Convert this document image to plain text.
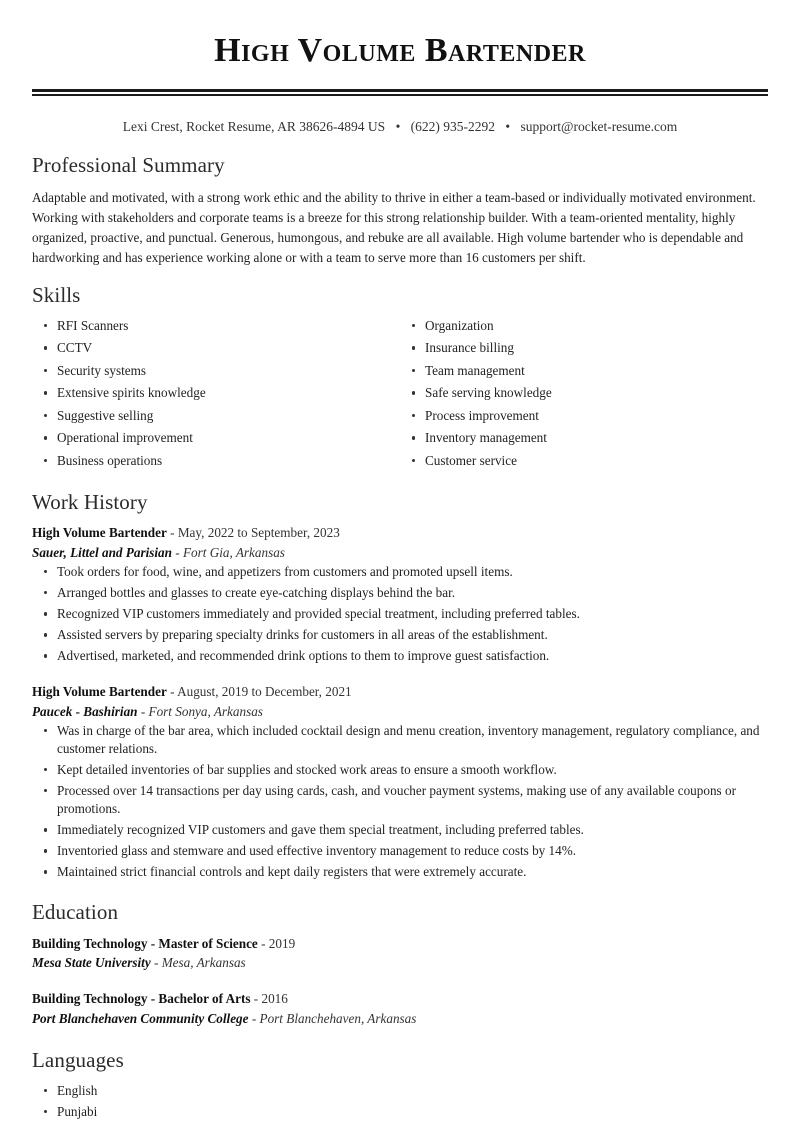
High Volume Bartender
Lexi Crest, Rocket Resume, AR 38626-4894 US • (622) 935-2292 • support@rocket-resume.com
Professional Summary

Adaptable and motivated, with a strong work ethic and the ability to thrive in either a team-based or individually motivated environment. Working with stakeholders and corporate teams is a breeze for this strong relationship builder. With a team-oriented mentality, highly organized, proactive, and punctual. Generous, humongous, and rebuke are all available. High volume bartender who is dependable and hardworking and has experience working alone or with a team to serve more than 16 customers per shift.

Skills
RFI Scanners
CCTV
Security systems
Extensive spirits knowledge
Suggestive selling
Operational improvement
Business operations
Organization
Insurance billing
Team management
Safe serving knowledge
Process improvement
Inventory management
Customer service
Work History
High Volume Bartender - May, 2022 to September, 2023
Sauer, Littel and Parisian - Fort Gia, Arkansas
Took orders for food, wine, and appetizers from customers and promoted upsell items.
Arranged bottles and glasses to create eye-catching displays behind the bar.
Recognized VIP customers immediately and provided special treatment, including preferred tables.
Assisted servers by preparing specialty drinks for customers in all areas of the establishment.
Advertised, marketed, and recommended drink options to them to improve guest satisfaction.
High Volume Bartender - August, 2019 to December, 2021
Paucek - Bashirian - Fort Sonya, Arkansas
Was in charge of the bar area, which included cocktail design and menu creation, inventory management, regulatory compliance, and customer relations.
Kept detailed inventories of bar supplies and stocked work areas to ensure a smooth workflow.
Processed over 14 transactions per day using cards, cash, and voucher payment systems, making use of any available coupons or promotions.
Immediately recognized VIP customers and gave them special treatment, including preferred tables.
Inventoried glass and stemware and used effective inventory management to reduce costs by 14%.
Maintained strict financial controls and kept daily registers that were extremely accurate.
Education
Building Technology - Master of Science - 2019
Mesa State University - Mesa, Arkansas
Building Technology - Bachelor of Arts - 2016
Port Blanchehaven Community College - Port Blanchehaven, Arkansas
Languages
English
Punjabi
